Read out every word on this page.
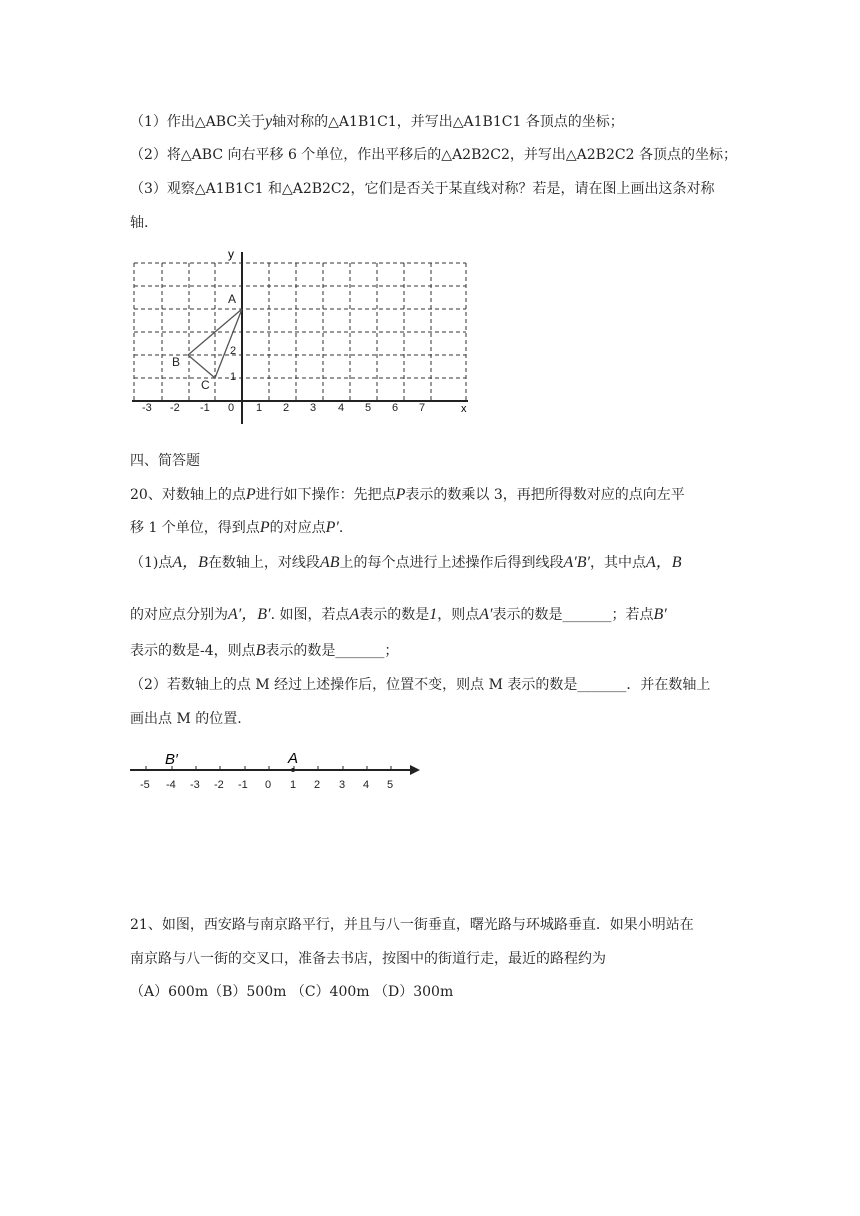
（1）作出△ABC关于y轴对称的△A1B1C1，并写出△A1B1C1 各顶点的坐标；
（2）将△ABC 向右平移 6 个单位，作出平移后的△A2B2C2，并写出△A2B2C2 各顶点的坐标；
（3）观察△A1B1C1 和△A2B2C2，它们是否关于某直线对称？若是，请在图上画出这条对称
轴.
y
x
-3 -2 -1 0 1 2 3 4 5 6 7
1
2
A
B
C
四、简答题
20、对数轴上的点P进行如下操作：先把点P表示的数乘以 3，再把所得数对应的点向左平
移 1 个单位，得到点P的对应点P′.
（1)点A，B在数轴上，对线段AB上的每个点进行上述操作后得到线段A′B′，其中点A，B
的对应点分别为A′，B′. 如图，若点A表示的数是1，则点A′表示的数是_______；若点B′
表示的数是-4，则点B表示的数是_______；
（2）若数轴上的点 M 经过上述操作后，位置不变，则点 M 表示的数是_______．并在数轴上
画出点 M 的位置.
B′	A
-5 -4 -3 -2 -1 0 1 2 3 4 5
21、如图，西安路与南京路平行，并且与八一街垂直，曙光路与环城路垂直．如果小明站在
南京路与八一街的交叉口，准备去书店，按图中的街道行走，最近的路程约为
（A）600m（B）500m （C）400m （D）300m
